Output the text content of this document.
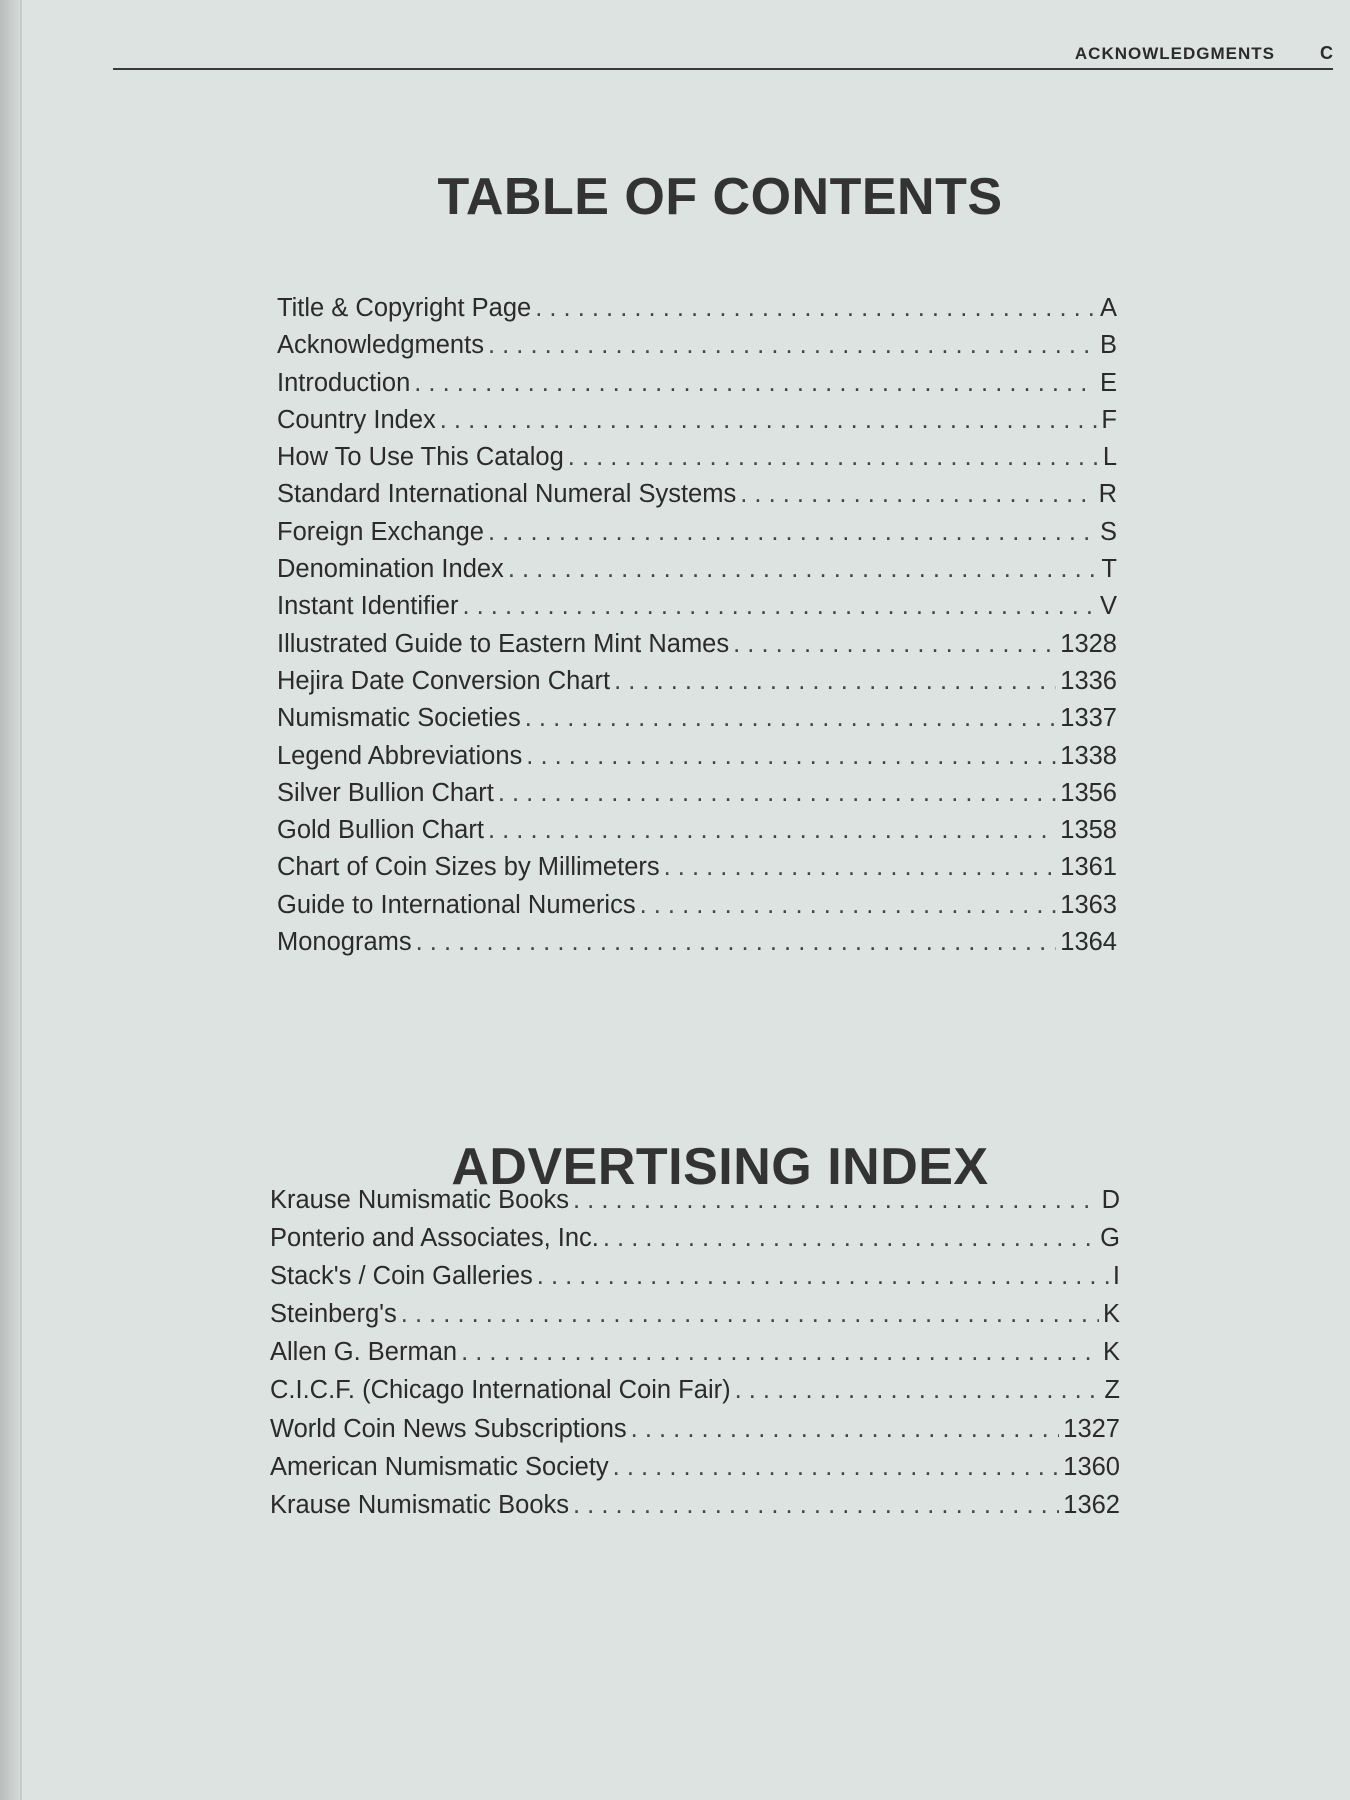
ACKNOWLEDGMENTS	C
TABLE OF CONTENTS
Title & Copyright Page . . .	A
Acknowledgments . . .	B
Introduction . . .	E
Country Index . . .	F
How To Use This Catalog . . .	L
Standard International Numeral Systems . . .	R
Foreign Exchange . . .	S
Denomination Index . . .	T
Instant Identifier . . .	V
Illustrated Guide to Eastern Mint Names . . .	1328
Hejira Date Conversion Chart . . .	1336
Numismatic Societies . . .	1337
Legend Abbreviations . . .	1338
Silver Bullion Chart . . .	1356
Gold Bullion Chart . . .	1358
Chart of Coin Sizes by Millimeters . . .	1361
Guide to International Numerics . . .	1363
Monograms . . .	1364
ADVERTISING INDEX
Krause Numismatic Books . . .	D
Ponterio and Associates, Inc. . . .	G
Stack's / Coin Galleries . . .	I
Steinberg's . . .	K
Allen G. Berman . . .	K
C.I.C.F. (Chicago International Coin Fair) . . .	Z
World Coin News Subscriptions . . .	1327
American Numismatic Society . . .	1360
Krause Numismatic Books . . .	1362
